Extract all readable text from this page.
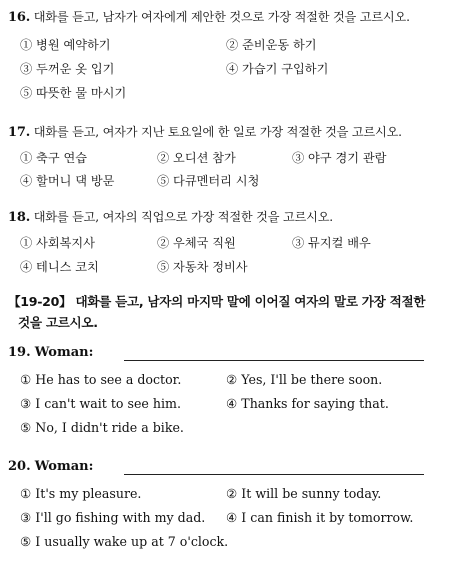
16. 대화를 듣고, 남자가 여자에게 제안한 것으로 가장 적절한 것을 고르시오.
① 병원 예약하기	② 준비운동 하기
③ 두꺼운 옷 입기	④ 가습기 구입하기
⑤ 따뜻한 물 마시기
17. 대화를 듣고, 여자가 지난 토요일에 한 일로 가장 적절한 것을 고르시오.
① 축구 연습	② 오디션 참가	③ 야구 경기 관람
④ 할머니 댁 방문	⑤ 다큐멘터리 시청
18. 대화를 듣고, 여자의 직업으로 가장 적절한 것을 고르시오.
① 사회복지사	② 우체국 직원	③ 뮤지컬 배우
④ 테니스 코치	⑤ 자동차 정비사
【19-20】 대화를 듣고, 남자의 마지막 말에 이어질 여자의 말로 가장 적절한
것을 고르시오.
19. Woman:
① He has to see a doctor.	② Yes, I'll be there soon.
③ I can't wait to see him.	④ Thanks for saying that.
⑤ No, I didn't ride a bike.
20. Woman:
① It's my pleasure.	② It will be sunny today.
③ I'll go fishing with my dad. ④ I can finish it by tomorrow.
⑤ I usually wake up at 7 o'clock.
